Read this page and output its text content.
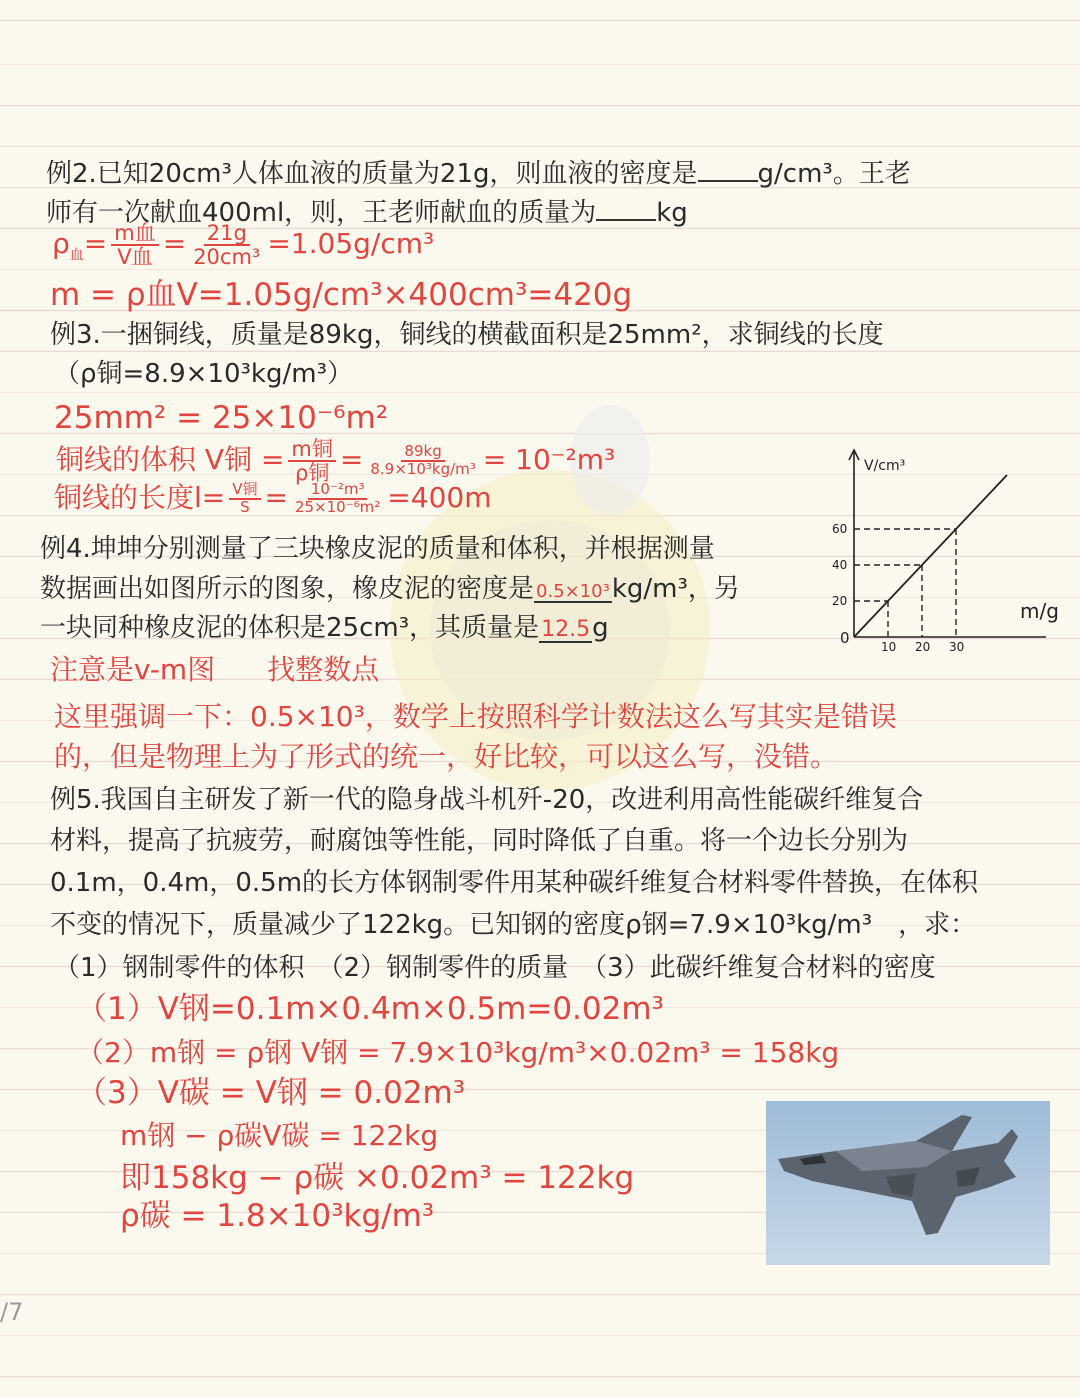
例2.已知20cm³人体血液的质量为21g，则血液的密度是 g/cm³。王老
师有一次献血400ml，则，王老师献血的质量为 kg
$\rho_血= \frac{\text{m血}}{\text{V血}} = \frac{21g}{\text{20cm³}} =1.05g/cm^3$
m = ρ血V=1.05g/cm³×400cm³=420g
例3.一捆铜线，质量是89kg，铜线的横截面积是25mm²，求铜线的长度
（ρ铜=8.9×10³kg/m³）
25mm² = 25×10⁻⁶m²
铜线的体积 V铜 = $\frac{\text{m铜}}{\text{ρ铜}} = \frac{89kg}{\text{8.9×10³kg/m³}} = 10^{-2}m^3$
铜线的长度$l= \frac{\text{V铜}}{S} = \frac{\text{10⁻²m³}}{\text{25×10⁻⁶m²}} =400m$
例4.坤坤分别测量了三块橡皮泥的质量和体积，并根据测量
数据画出如图所示的图象，橡皮泥的密度是 0.5×10³kg/m³，另
一块同种橡皮泥的体积是25cm³，其质量是12.5g
注意是v-m图 找整数点
这里强调一下：0.5×10³，数学上按照科学计数法这么写其实是错误
的，但是物理上为了形式的统一，好比较，可以这么写，没错。
10 20 30
20
40
60
V/cm³
m/g
0
例5.我国自主研发了新一代的隐身战斗机歼-20，改进利用高性能碳纤维复合
材料，提高了抗疲劳，耐腐蚀等性能，同时降低了自重。将一个边长分别为
0.1m，0.4m，0.5m的长方体钢制零件用某种碳纤维复合材料零件替换，在体积
不变的情况下，质量减少了122kg。已知钢的密度ρ钢=7.9×10³kg/m³　，求：
（1）钢制零件的体积　（2）钢制零件的质量　（3）此碳纤维复合材料的密度
（1）V钢=0.1m×0.4m×0.5m=0.02m³
（2）m钢 = ρ钢 V钢 = 7.9×10³kg/m³×0.02m³ = 158kg
（3）V碳 = V钢 = 0.02m³
m钢 − ρ碳V碳 = 122kg
即158kg − ρ碳 ×0.02m³ = 122kg
ρ碳 = 1.8×10³kg/m³
/7
